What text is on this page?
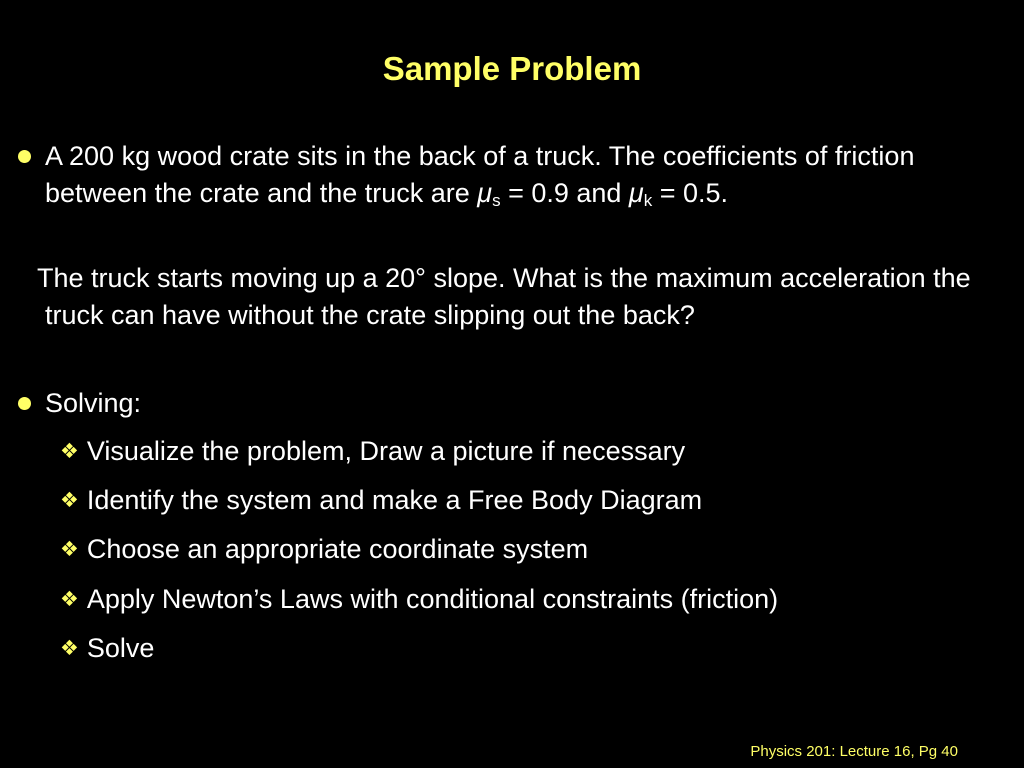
Sample Problem
A 200 kg wood crate sits in the back of a truck. The coefficients of friction between the crate and the truck are $\mu_s = 0.9$ and $\mu_k = 0.5$.
The truck starts moving up a 20° slope. What is the maximum acceleration the truck can have without the crate slipping out the back?
Solving:
❖ Visualize the problem, Draw a picture if necessary
❖ Identify the system and make a Free Body Diagram
❖ Choose an appropriate coordinate system
❖ Apply Newton’s Laws with conditional constraints (friction)
❖ Solve
Physics 201: Lecture 16, Pg 40
